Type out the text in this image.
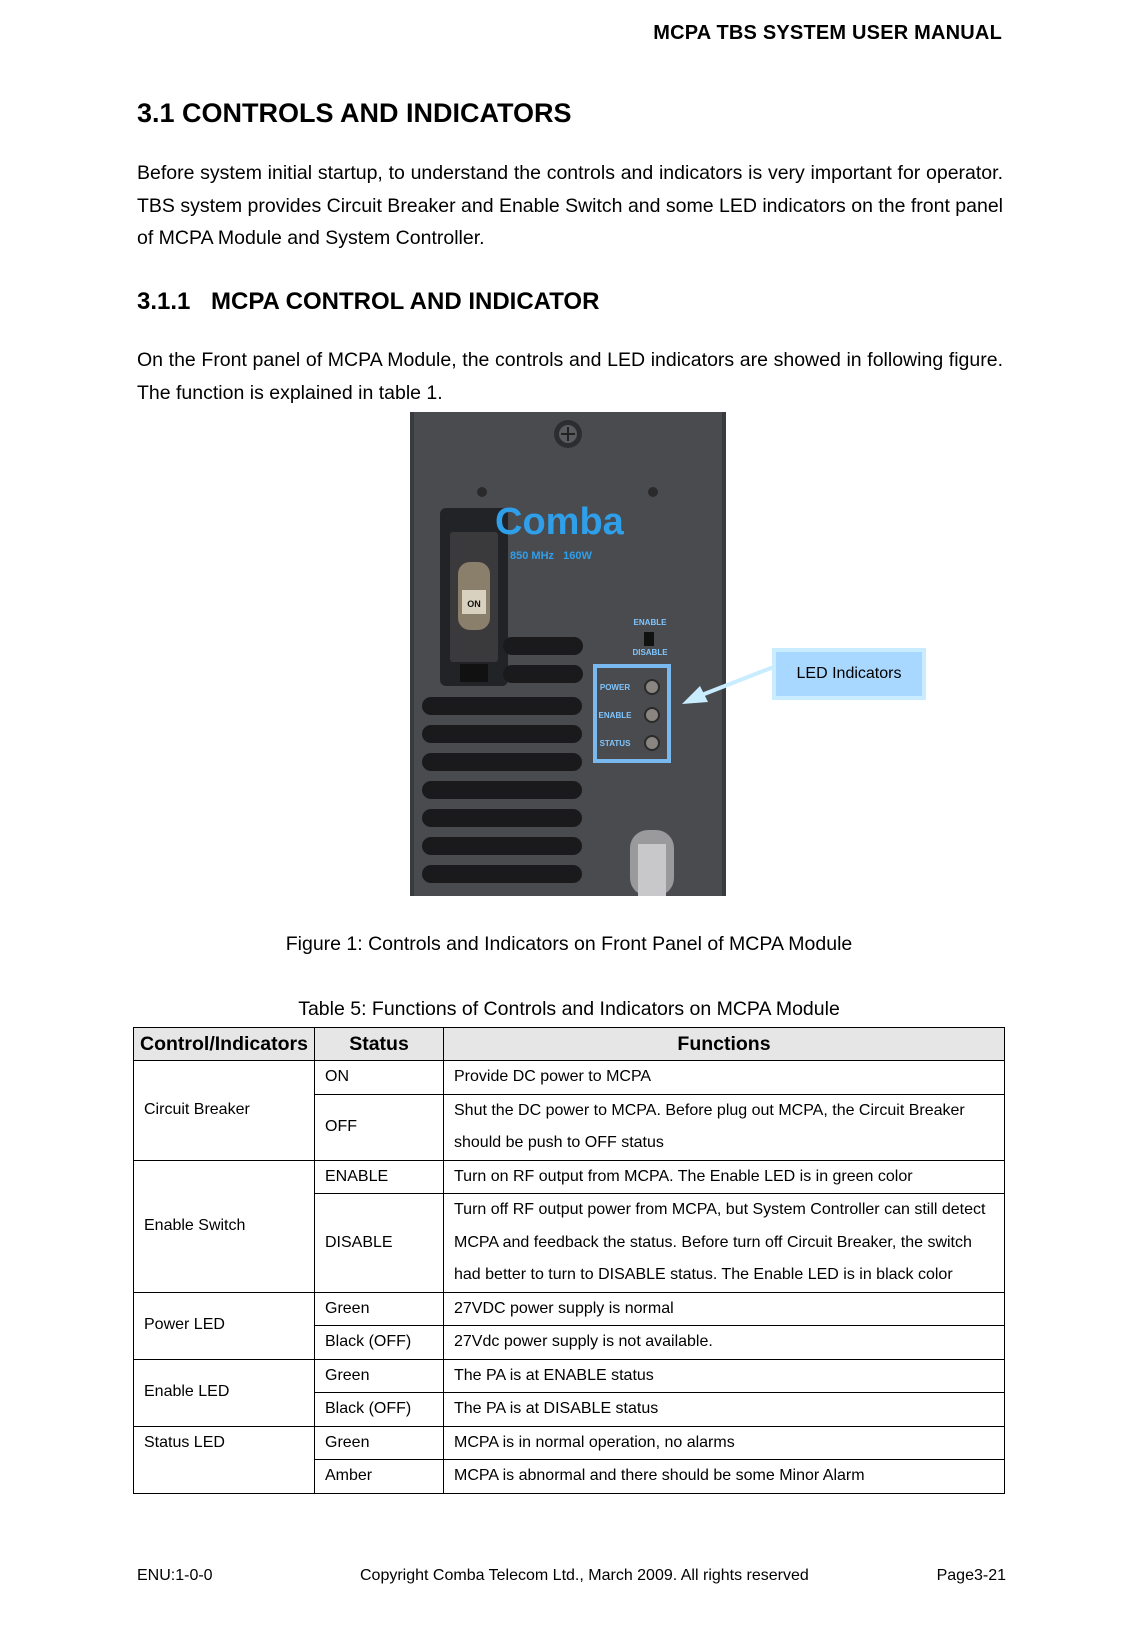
MCPA TBS SYSTEM USER MANUAL
3.1 CONTROLS AND INDICATORS

Before system initial startup, to understand the controls and indicators is very important for operator. TBS system provides Circuit Breaker and Enable Switch and some LED indicators on the front panel of MCPA Module and System Controller.

3.1.1 MCPA CONTROL AND INDICATOR

On the Front panel of MCPA Module, the controls and LED indicators are showed in following figure. The function is explained in table 1.

ON
Comba
850 MHz   160W
ENABLE
DISABLE
POWER
ENABLE
STATUS
LED Indicators
Figure 1: Controls and Indicators on Front Panel of MCPA Module
Table 5: Functions of Controls and Indicators on MCPA Module
Control/Indicators	Status	Functions
Circuit Breaker	ON	Provide DC power to MCPA
	OFF	Shut the DC power to MCPA. Before plug out MCPA, the Circuit Breaker should be push to OFF status
Enable Switch	ENABLE	Turn on RF output from MCPA. The Enable LED is in green color
	DISABLE	Turn off RF output power from MCPA, but System Controller can still detect MCPA and feedback the status. Before turn off Circuit Breaker, the switch had better to turn to DISABLE status. The Enable LED is in black color
Power LED	Green	27VDC power supply is normal
	Black (OFF)	27Vdc power supply is not available.
Enable LED	Green	The PA is at ENABLE status
	Black (OFF)	The PA is at DISABLE status
Status LED	Green	MCPA is in normal operation, no alarms
	Amber	MCPA is abnormal and there should be some Minor Alarm
ENU:1-0-0	Copyright Comba Telecom Ltd., March 2009. All rights reserved	Page3-21
